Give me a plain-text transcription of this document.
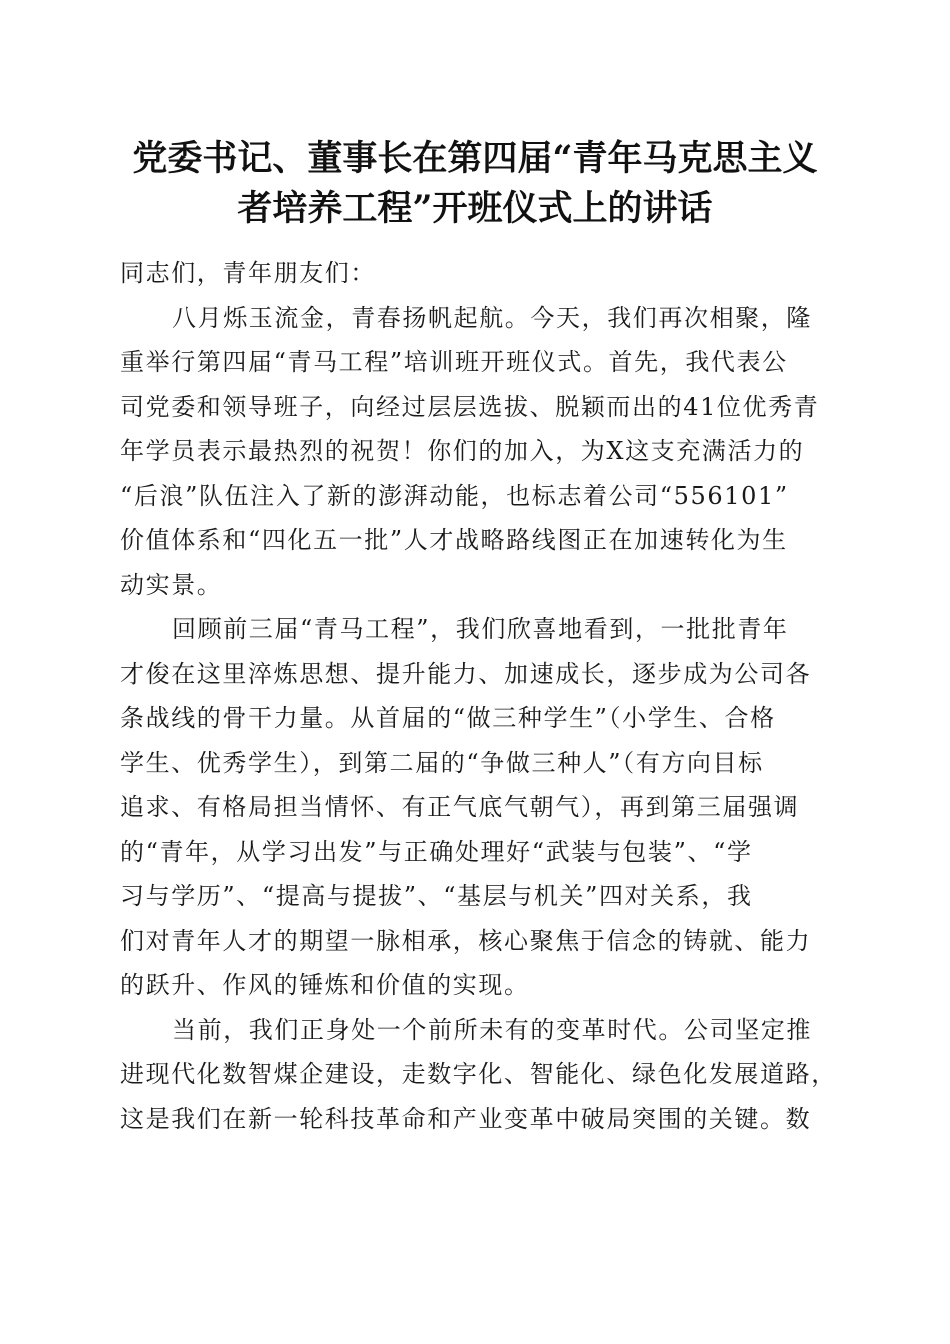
党委书记、董事长在第四届“青年马克思主义
者培养工程”开班仪式上的讲话
同志们，青年朋友们：
八月烁玉流金，青春扬帆起航。今天，我们再次相聚，隆
重举行第四届“青马工程”培训班开班仪式。首先，我代表公
司党委和领导班子，向经过层层选拔、脱颖而出的41位优秀青
年学员表示最热烈的祝贺！你们的加入，为X这支充满活力的
“后浪”队伍注入了新的澎湃动能，也标志着公司“556101”
价值体系和“四化五一批”人才战略路线图正在加速转化为生
动实景。
回顾前三届“青马工程”，我们欣喜地看到，一批批青年
才俊在这里淬炼思想、提升能力、加速成长，逐步成为公司各
条战线的骨干力量。从首届的“做三种学生”（小学生、合格
学生、优秀学生），到第二届的“争做三种人”（有方向目标
追求、有格局担当情怀、有正气底气朝气），再到第三届强调
的“青年，从学习出发”与正确处理好“武装与包装”、“学
习与学历”、“提高与提拔”、“基层与机关”四对关系，我
们对青年人才的期望一脉相承，核心聚焦于信念的铸就、能力
的跃升、作风的锤炼和价值的实现。
当前，我们正身处一个前所未有的变革时代。公司坚定推
进现代化数智煤企建设，走数字化、智能化、绿色化发展道路，
这是我们在新一轮科技革命和产业变革中破局突围的关键。数
